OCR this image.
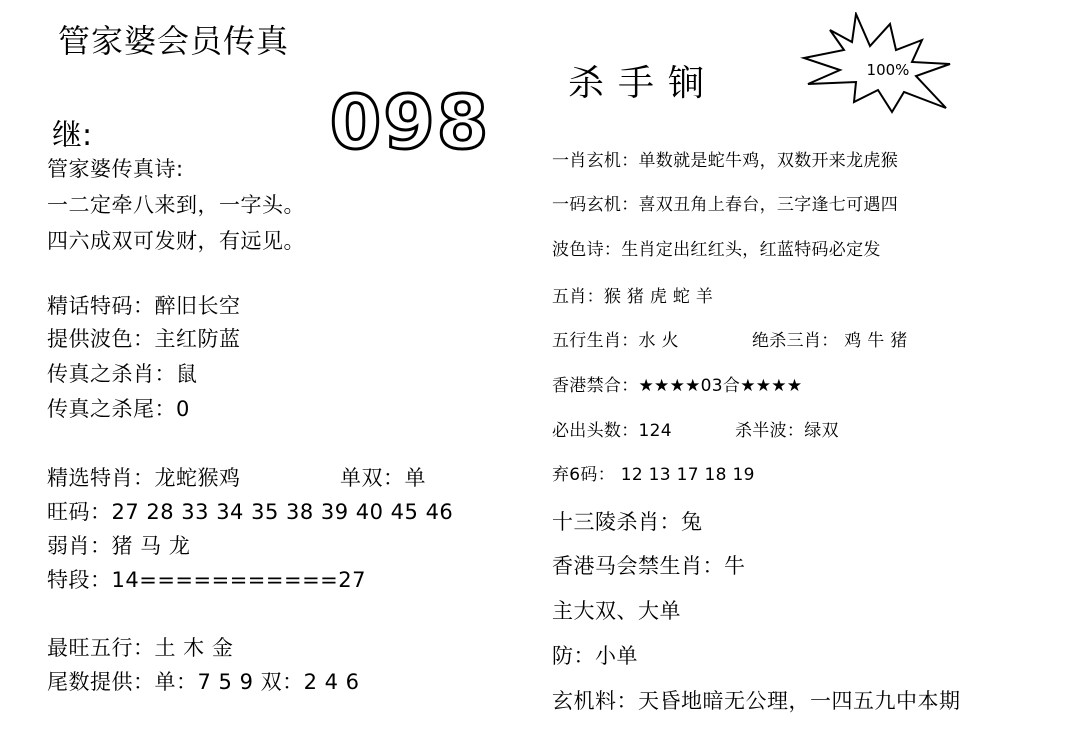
管家婆会员传真
继:	098
管家婆传真诗:
一二定牵八来到，一字头。
四六成双可发财，有远见。
精话特码：醉旧长空
提供波色：主红防蓝
传真之杀肖：鼠
传真之杀尾：0
精选特肖：龙蛇猴鸡	单双：单
旺码：27 28 33 34 35 38 39 40 45 46
弱肖：猪 马 龙
特段：14===========27
最旺五行：土 木 金
尾数提供：单：7 5 9 双：2 4 6
杀手锏	100%
一肖玄机：单数就是蛇牛鸡，双数开来龙虎猴
一码玄机：喜双丑角上春台，三字逢七可遇四
波色诗：生肖定出红红头，红蓝特码必定发
五肖：猴 猪 虎 蛇 羊
五行生肖：水 火	绝杀三肖： 鸡 牛 猪
香港禁合：★★★★03合★★★★
必出头数：124	杀半波：绿双
弃6码： 12 13 17 18 19
十三陵杀肖：兔
香港马会禁生肖：牛
主大双、大单
防：小单
玄机料：天昏地暗无公理，一四五九中本期
